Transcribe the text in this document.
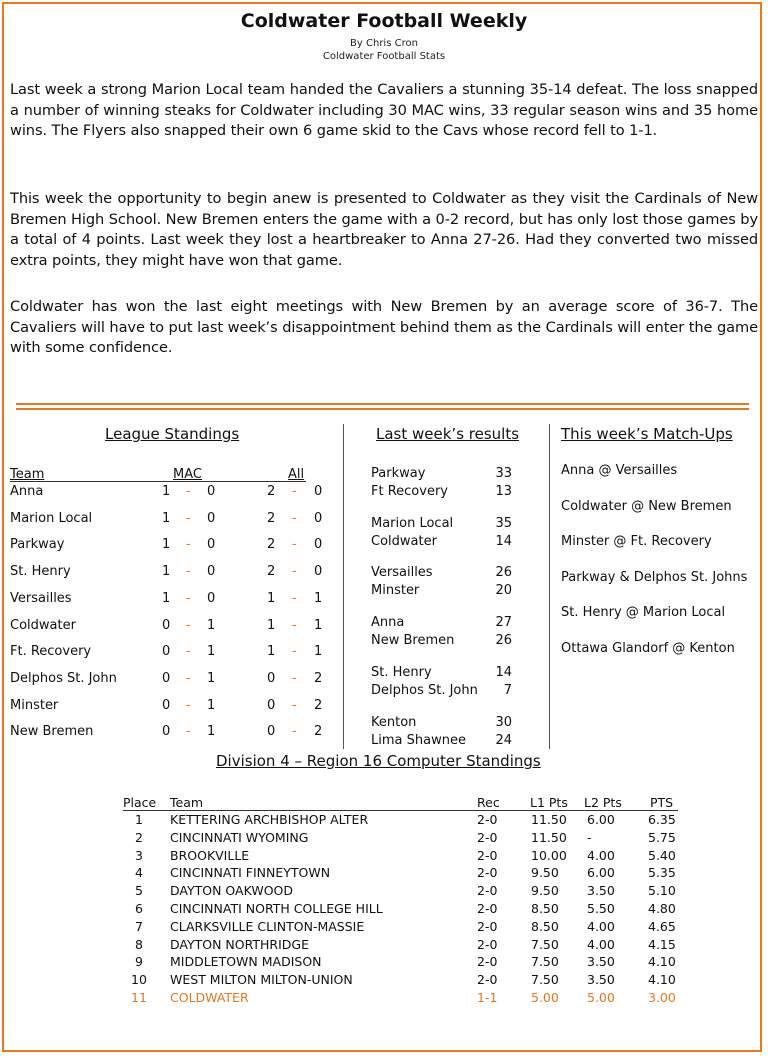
Coldwater Football Weekly
By Chris Cron
Coldwater Football Stats

Last week a strong Marion Local team handed the Cavaliers a stunning 35-14 defeat. The loss snapped a number of winning steaks for Coldwater including 30 MAC wins, 33 regular season wins and 35 home wins. The Flyers also snapped their own 6 game skid to the Cavs whose record fell to 1-1.

This week the opportunity to begin anew is presented to Coldwater as they visit the Cardinals of New Bremen High School. New Bremen enters the game with a 0-2 record, but has only lost those games by a total of 4 points. Last week they lost a heartbreaker to Anna 27-26. Had they converted two missed extra points, they might have won that game.

Coldwater has won the last eight meetings with New Bremen by an average score of 36-7. The Cavaliers will have to put last week’s disappointment behind them as the Cardinals will enter the game with some confidence.

League Standings
Team	MAC	All
Anna	1 - 0	2 - 0
Marion Local	1 - 0	2 - 0
Parkway	1 - 0	2 - 0
St. Henry	1 - 0	2 - 0
Versailles	1 - 0	1 - 1
Coldwater	0 - 1	1 - 1
Ft. Recovery	0 - 1	1 - 1
Delphos St. John	0 - 1	0 - 2
Minster	0 - 1	0 - 2
New Bremen	0 - 1	0 - 2
Last week’s results
Parkway	33
Ft Recovery	13
Marion Local	35
Coldwater	14
Versailles	26
Minster	20
Anna	27
New Bremen	26
St. Henry	14
Delphos St. John	7
Kenton	30
Lima Shawnee	24
This week’s Match-Ups
Anna @ Versailles
Coldwater @ New Bremen
Minster @ Ft. Recovery
Parkway & Delphos St. Johns
St. Henry @ Marion Local
Ottawa Glandorf @ Kenton
Division 4 – Region 16 Computer Standings
Place Team	Rec L1 Pts L2 Pts PTS
1	KETTERING ARCHBISHOP ALTER	2-0	11.50 6.00	6.35
2	CINCINNATI WYOMING	2-0	11.50 -	5.75
3	BROOKVILLE	2-0	10.00 4.00	5.40
4	CINCINNATI FINNEYTOWN	2-0	9.50 6.00	5.35
5	DAYTON OAKWOOD	2-0	9.50 3.50	5.10
6	CINCINNATI NORTH COLLEGE HILL	2-0	8.50 5.50	4.80
7	CLARKSVILLE CLINTON-MASSIE	2-0	8.50 4.00	4.65
8	DAYTON NORTHRIDGE	2-0	7.50 4.00	4.15
9	MIDDLETOWN MADISON	2-0	7.50 3.50	4.10
10	WEST MILTON MILTON-UNION	2-0	7.50 3.50	4.10
11	COLDWATER	1-1	5.00 5.00	3.00
